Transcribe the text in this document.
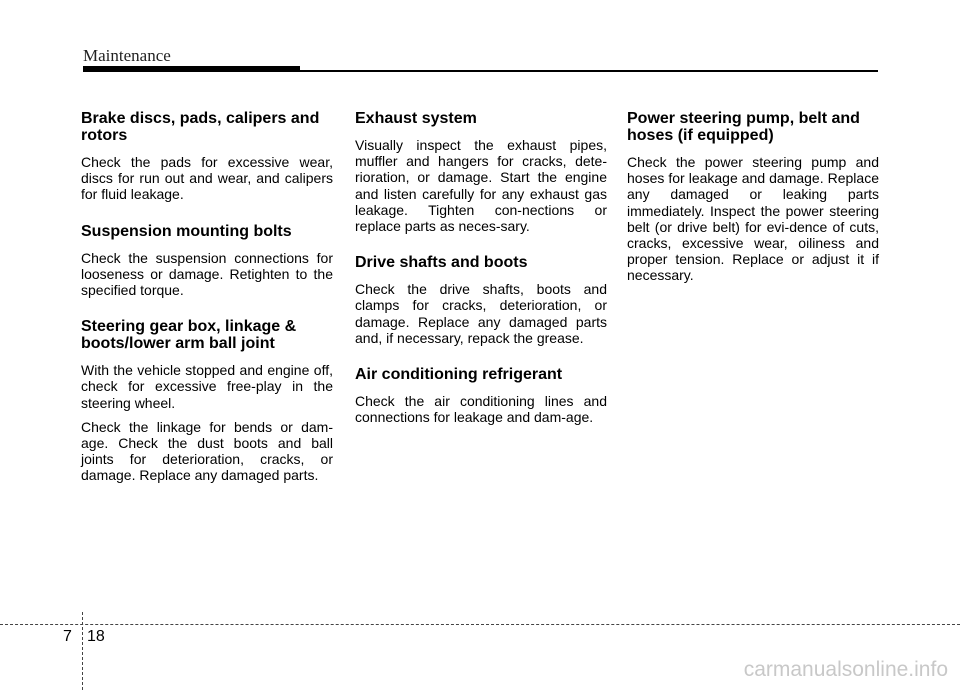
Maintenance
Brake discs, pads, calipers and rotors

Check the pads for excessive wear, discs for run out and wear, and calipers for fluid leakage.

Suspension mounting bolts

Check the suspension connections for looseness or damage. Retighten to the specified torque.

Steering gear box, linkage & boots/lower arm ball joint

With the vehicle stopped and engine off, check for excessive free-play in the steering wheel.

Check the linkage for bends or dam-age. Check the dust boots and ball joints for deterioration, cracks, or damage. Replace any damaged parts.

Exhaust system

Visually inspect the exhaust pipes, muffler and hangers for cracks, dete-rioration, or damage. Start the engine and listen carefully for any exhaust gas leakage. Tighten con-nections or replace parts as neces-sary.

Drive shafts and boots

Check the drive shafts, boots and clamps for cracks, deterioration, or damage. Replace any damaged parts and, if necessary, repack the grease.

Air conditioning refrigerant

Check the air conditioning lines and connections for leakage and dam-age.

Power steering pump, belt and hoses (if equipped)

Check the power steering pump and hoses for leakage and damage. Replace any damaged or leaking parts immediately. Inspect the power steering belt (or drive belt) for evi-dence of cuts, cracks, excessive wear, oiliness and proper tension. Replace or adjust it if necessary.

7 18
carmanualsonline.info
